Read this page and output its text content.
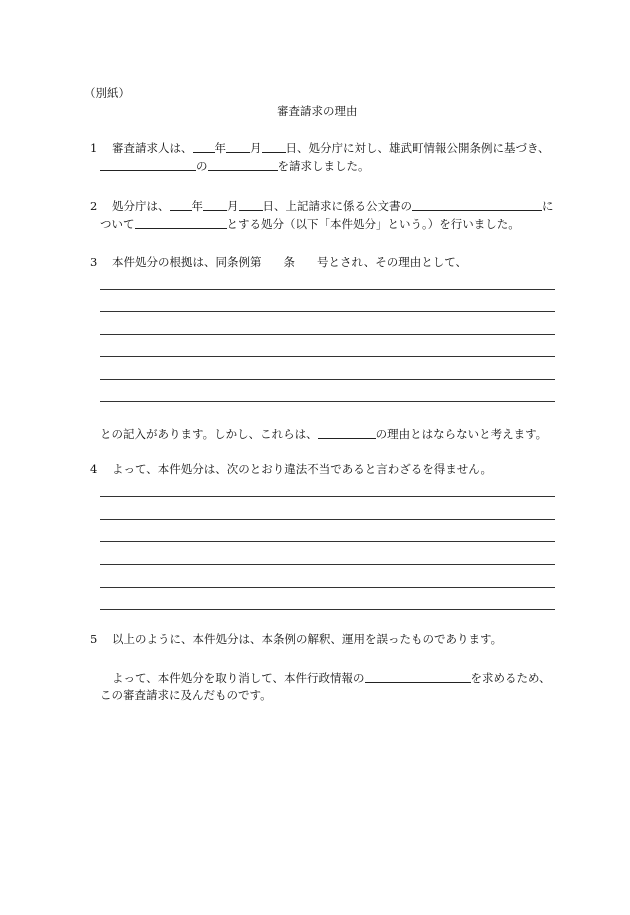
（別紙）
審査請求の理由
1 審査請求人は、 年 月 日、処分庁に対し、雄武町情報公開条例に基づき、
の	を請求しました。
2 処分庁は、 年 月 日、上記請求に係る公文書の	に
ついて	とする処分（以下「本件処分」という。）を行いました。
3 本件処分の根拠は、同条例第 条 号とされ、その理由として、
との記入があります。しかし、これらは、	の理由とはならないと考えます。
4 よって、本件処分は、次のとおり違法不当であると言わざるを得ません。
5 以上のように、本件処分は、本条例の解釈、運用を誤ったものであります。
よって、本件処分を取り消して、本件行政情報の	を求めるため、
この審査請求に及んだものです。
